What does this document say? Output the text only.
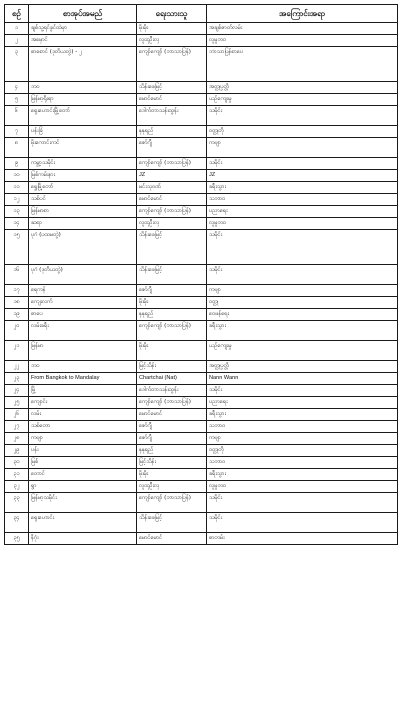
စဉ်	စာအုပ်အမည်	ရေးသားသူ	အကြောင်းအရာ
၁	ချစ်သူ့ရင်ခွင်ထဲမှာ	မိုးမိုး	အချစ်ဇာတ်လမ်း
၂	အမှောင်	လူထုဦးလှ	လူမှုဘဝ
၃	စာစောင် (ဒုတိယတွဲ) - ၂	ကျော်ကျော် (ဘာသာပြန်)	ဘာသာပြန်စာပေ
၄	ဘ၀	သိန်းဖေမြင့်	အတ္ထုပ္ပတ္တိ
၅	မြန်မာ့ရိုးရာ	မောင်မောင်	ယဉ်ကျေးမှု
၆	ရှေးဟောင်းမြို့တော်	ဒေါက်တာသန်းထွန်း	သမိုင်း
၇	ပန်းခြံ	နုနုရည်	ဝတ္ထုတို
၈	မိုးကောင်းကင်	ဇော်ဂျီ	ကဗျာ
၉	ကမ္ဘာ့သမိုင်း	ကျော်ကျော် (ဘာသာပြန်)	သမိုင်း
၁၀	မြစ်ကမ်းနား	JZ	JZ
၁၁	ရွှေမြို့တော်	မင်းသုဝဏ်	ခရီးသွား
၁၂	သစ်ပင်	မောင်မောင်	သဘာဝ
၁၃	မြန်မာစာ	ကျော်ကျော် (ဘာသာပြန်)	ပညာရေး
၁၄	ဆရာ	လူထုဦးလှ	လူမှုဘဝ
၁၅	ပုဂံ (ပထမတွဲ)	သိန်းဖေမြင့်	သမိုင်း
၁၆	ပုဂံ (ဒုတိယတွဲ)	သိန်းဖေမြင့်	သမိုင်း
၁၇	ရေကန်	ဇော်ဂျီ	ကဗျာ
၁၈	ကျေးလက်	မိုးမိုး	ဝတ္ထု
၁၉	စာပေ	နုနုရည်	ဝေဖန်ရေး
၂၀	လမ်းခရီး	ကျော်ကျော် (ဘာသာပြန်)	ခရီးသွား
၂၁	မြန်မာ	မိုးမိုး	ယဉ်ကျေးမှု
၂၂	ဘဝ	မြင့်သိန်း	အတ္ထုပ္ပတ္တိ
၂၃	From Bangkok to Mandalay	Chartchai (Nat)	Nann Wann
၂၄	မြို့	ဒေါက်တာသန်းထွန်း	သမိုင်း
၂၅	ကျောင်း	ကျော်ကျော် (ဘာသာပြန်)	ပညာရေး
၂၆	လမ်း	မောင်မောင်	ခရီးသွား
၂၇	သစ်တော	ဇော်ဂျီ	သဘာဝ
၂၈	ကဗျာ	ဇော်ဂျီ	ကဗျာ
၂၉	ပန်း	နုနုရည်	ဝတ္ထုတို
၃၀	မြစ်	မြင့်သိန်း	သဘာဝ
၃၁	တောင်	မိုးမိုး	ခရီးသွား
၃၂	ရွာ	လူထုဦးလှ	လူမှုဘဝ
၃၃	မြန်မာ့သမိုင်း	ကျော်ကျော် (ဘာသာပြန်)	သမိုင်း
၃၄	ရှေးဟောင်း	သိန်းဖေမြင့်	သမိုင်း
၃၅	နိဂုံး	မောင်မောင်	စာတမ်း
